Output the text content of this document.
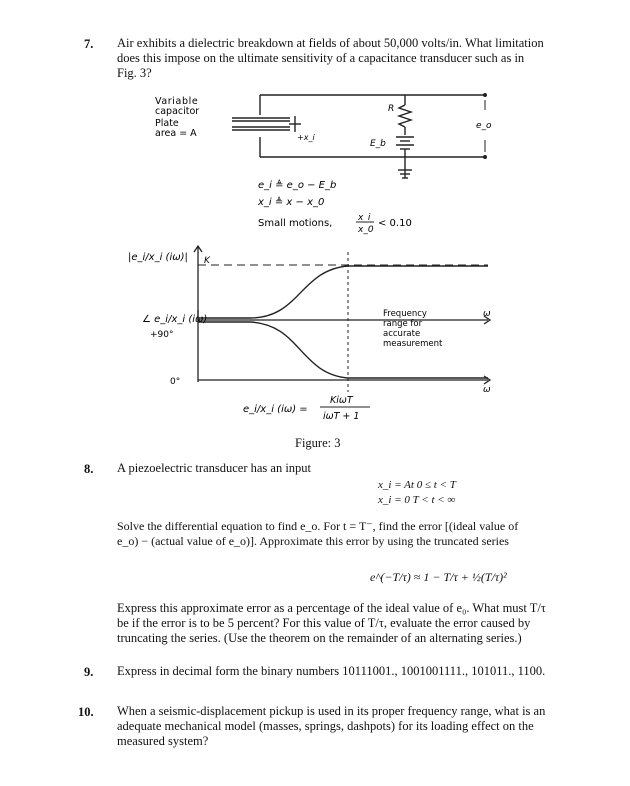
7. Air exhibits a dielectric breakdown at fields of about 50,000 volts/in. What limitation does this impose on the ultimate sensitivity of a capacitance transducer such as in Fig. 3?
Variable
capacitor
Plate
area = A
R
E_b
e_o
+x_i
e_i ≜ e_o − E_b
x_i ≜ x − x_0
Small motions,	x_i
x_0
< 0.10
|e_i/x_i (iω)| K
∠ e_i/x_i (iω)
+90°
0°
ω
ω
Frequency
range for
accurate
measurement
e_i/x_i (iω) =
KiωT
iωT + 1
Figure: 3
8. A piezoelectric transducer has an input
x_i = At 0 ≤ t < T
x_i = 0 T < t < ∞
Solve the differential equation to find e_o. For t = T⁻, find the error [(ideal value of e_o) − (actual value of e_o)]. Approximate this error by using the truncated series
e^(−T/τ) ≈ 1 − T/τ + ½(T/τ)²
Express this approximate error as a percentage of the ideal value of e₀. What must T/τ be if the error is to be 5 percent? For this value of T/τ, evaluate the error caused by truncating the series. (Use the theorem on the remainder of an alternating series.)
9. Express in decimal form the binary numbers 10111001., 1001001111., 101011., 1100.
10. When a seismic-displacement pickup is used in its proper frequency range, what is an adequate mechanical model (masses, springs, dashpots) for its loading effect on the measured system?
